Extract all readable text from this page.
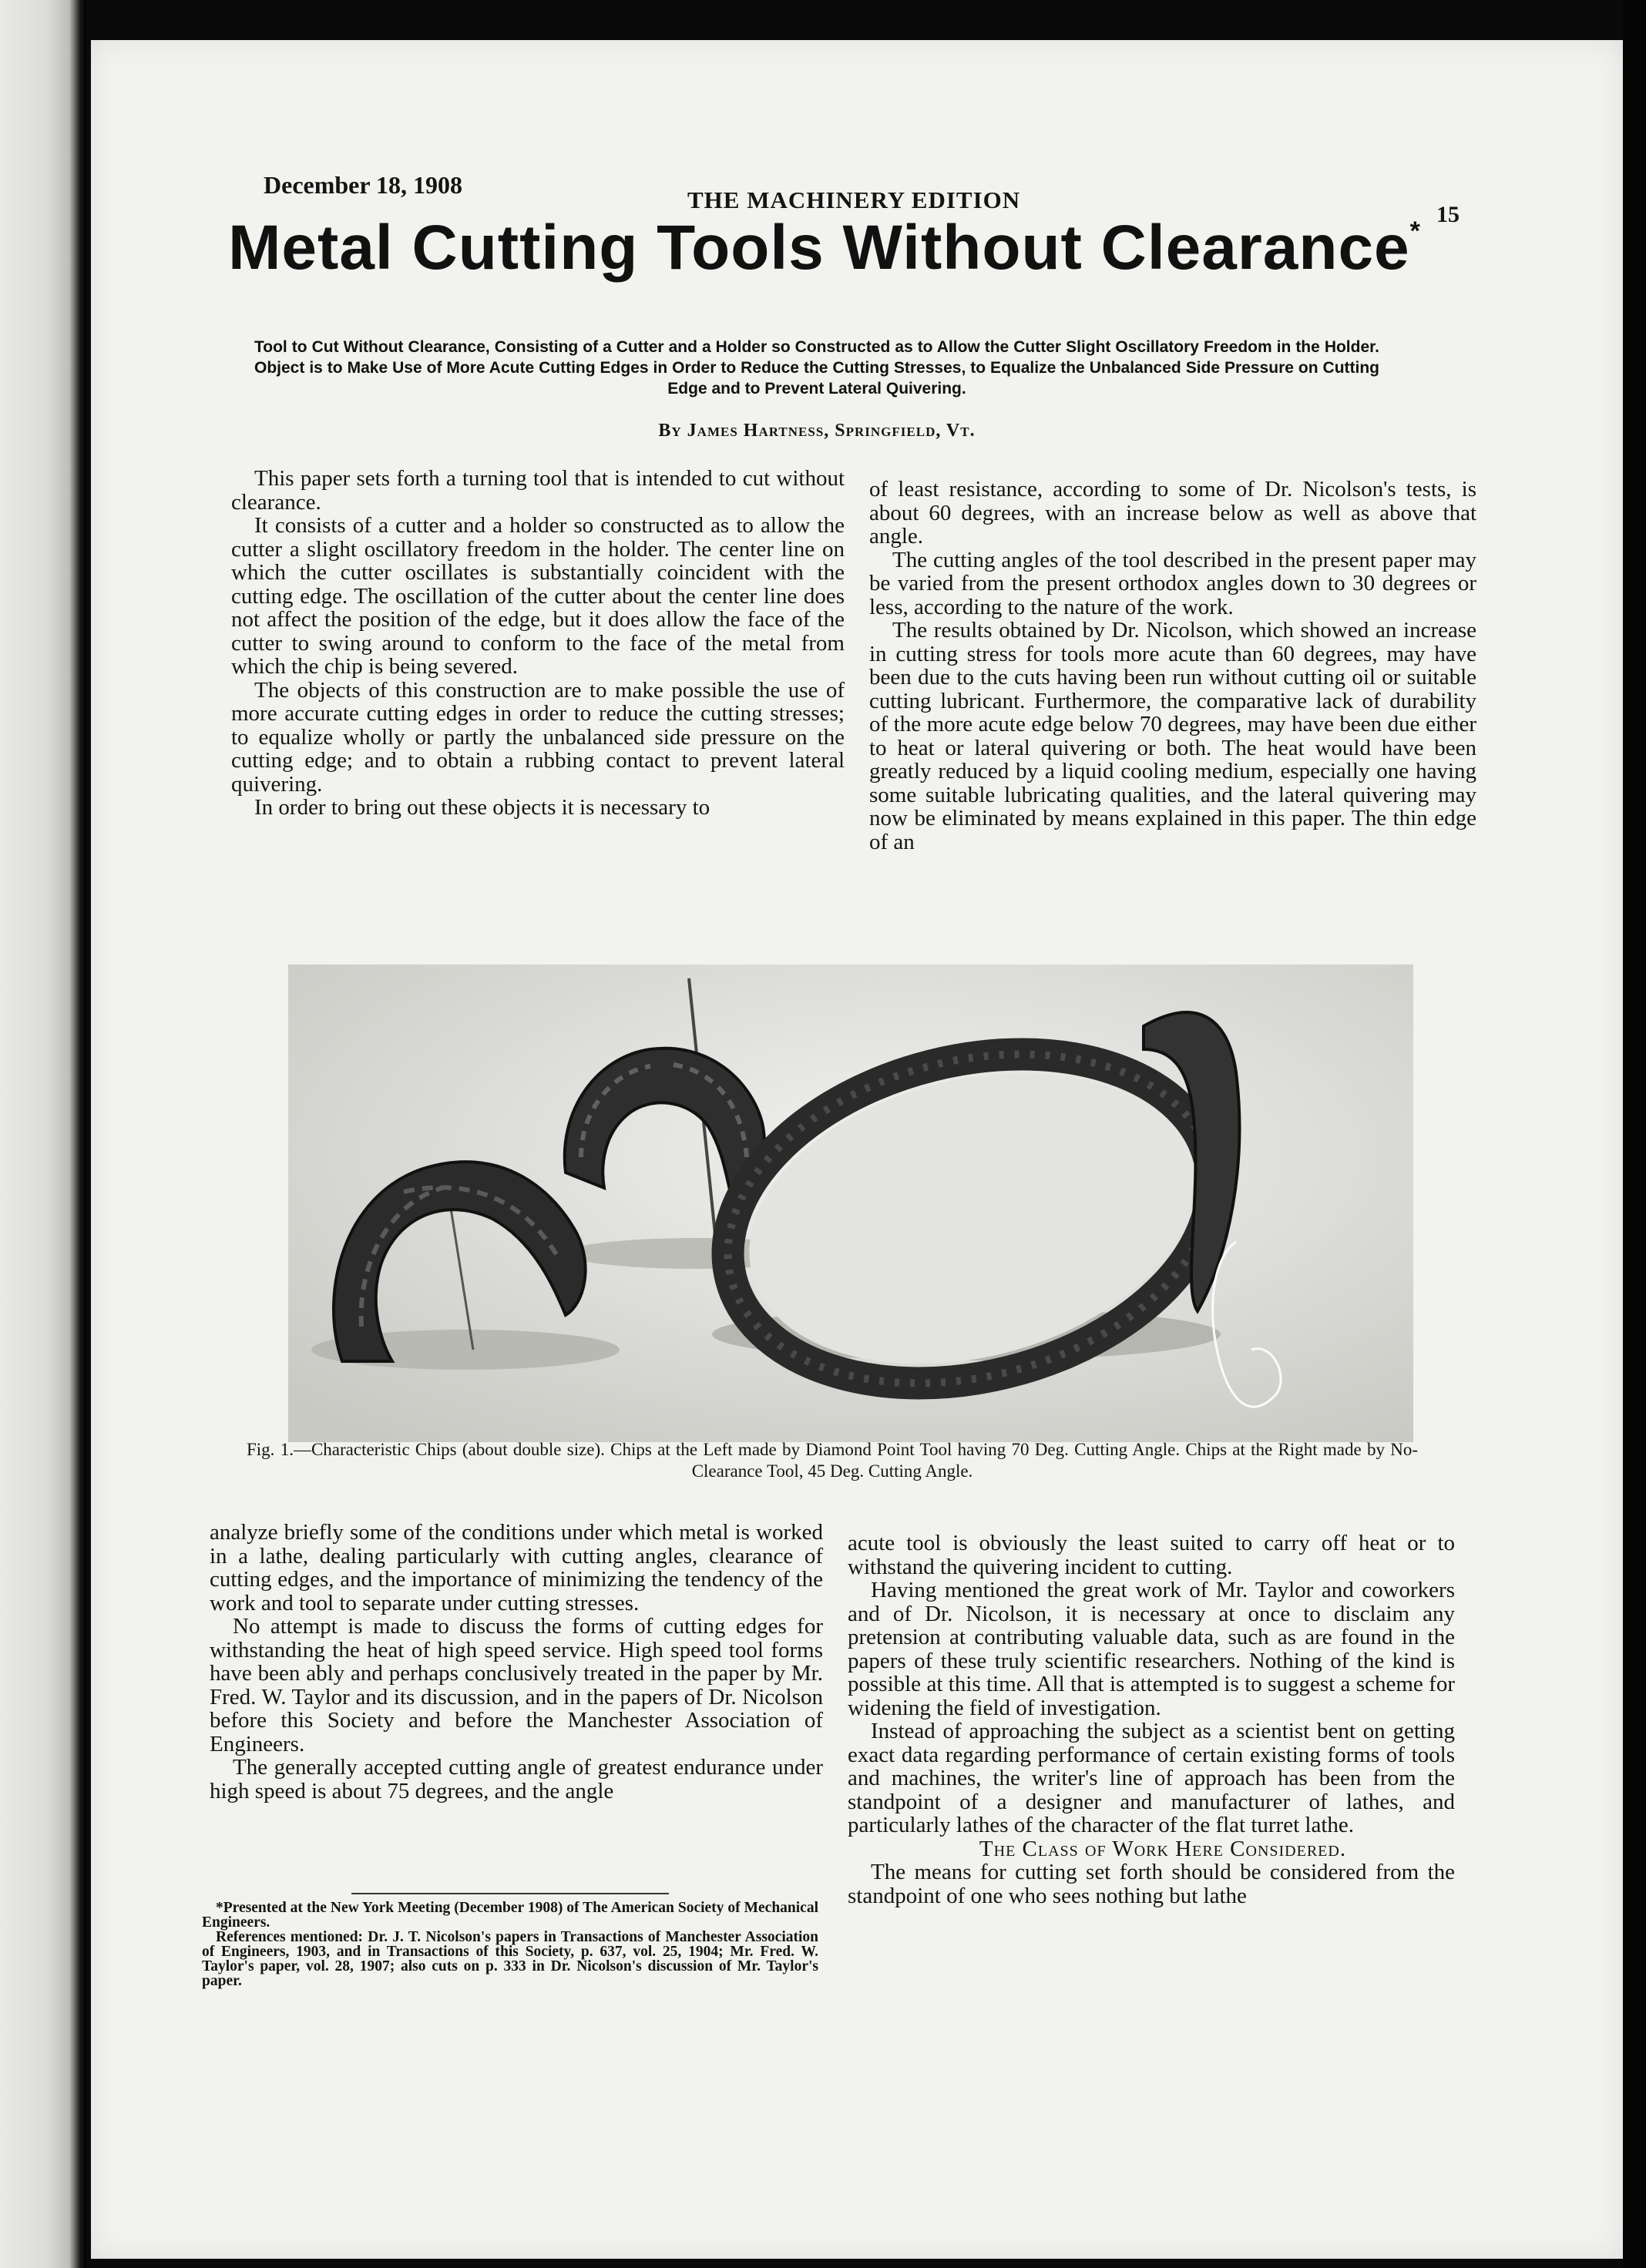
December 18, 1908
THE MACHINERY EDITION
15
Metal Cutting Tools Without Clearance*
Tool to Cut Without Clearance, Consisting of a Cutter and a Holder so Constructed as to Allow the Cutter Slight Oscillatory Freedom in the Holder. Object is to Make Use of More Acute Cutting Edges in Order to Reduce the Cutting Stresses, to Equalize the Unbalanced Side Pressure on Cutting Edge and to Prevent Lateral Quivering.
By James Hartness, Springfield, Vt.

This paper sets forth a turning tool that is intended to cut without clearance.

It consists of a cutter and a holder so constructed as to allow the cutter a slight oscillatory freedom in the holder. The center line on which the cutter oscillates is substantially coincident with the cutting edge. The oscillation of the cutter about the center line does not affect the position of the edge, but it does allow the face of the cutter to swing around to conform to the face of the metal from which the chip is being severed.

The objects of this construction are to make possible the use of more accurate cutting edges in order to reduce the cutting stresses; to equalize wholly or partly the unbalanced side pressure on the cutting edge; and to obtain a rubbing contact to prevent lateral quivering.

In order to bring out these objects it is necessary to

of least resistance, according to some of Dr. Nicolson's tests, is about 60 degrees, with an increase below as well as above that angle.

The cutting angles of the tool described in the present paper may be varied from the present orthodox angles down to 30 degrees or less, according to the nature of the work.

The results obtained by Dr. Nicolson, which showed an increase in cutting stress for tools more acute than 60 degrees, may have been due to the cuts having been run without cutting oil or suitable cutting lubricant. Furthermore, the comparative lack of durability of the more acute edge below 70 degrees, may have been due either to heat or lateral quivering or both. The heat would have been greatly reduced by a liquid cooling medium, especially one having some suitable lubricating qualities, and the lateral quivering may now be eliminated by means explained in this paper. The thin edge of an

Fig. 1.—Characteristic Chips (about double size). Chips at the Left made by Diamond Point Tool having 70 Deg. Cutting Angle. Chips at the Right made by No-Clearance Tool, 45 Deg. Cutting Angle.

analyze briefly some of the conditions under which metal is worked in a lathe, dealing particularly with cutting angles, clearance of cutting edges, and the importance of minimizing the tendency of the work and tool to separate under cutting stresses.

No attempt is made to discuss the forms of cutting edges for withstanding the heat of high speed service. High speed tool forms have been ably and perhaps conclusively treated in the paper by Mr. Fred. W. Taylor and its discussion, and in the papers of Dr. Nicolson before this Society and before the Manchester Association of Engineers.

The generally accepted cutting angle of greatest endurance under high speed is about 75 degrees, and the angle

*Presented at the New York Meeting (December 1908) of The American Society of Mechanical Engineers.

References mentioned: Dr. J. T. Nicolson's papers in Transactions of Manchester Association of Engineers, 1903, and in Transactions of this Society, p. 637, vol. 25, 1904; Mr. Fred. W. Taylor's paper, vol. 28, 1907; also cuts on p. 333 in Dr. Nicolson's discussion of Mr. Taylor's paper.

acute tool is obviously the least suited to carry off heat or to withstand the quivering incident to cutting.

Having mentioned the great work of Mr. Taylor and coworkers and of Dr. Nicolson, it is necessary at once to disclaim any pretension at contributing valuable data, such as are found in the papers of these truly scientific researchers. Nothing of the kind is possible at this time. All that is attempted is to suggest a scheme for widening the field of investigation.

Instead of approaching the subject as a scientist bent on getting exact data regarding performance of certain existing forms of tools and machines, the writer's line of approach has been from the standpoint of a designer and manufacturer of lathes, and particularly lathes of the character of the flat turret lathe.

The Class of Work Here Considered.

The means for cutting set forth should be considered from the standpoint of one who sees nothing but lathe
